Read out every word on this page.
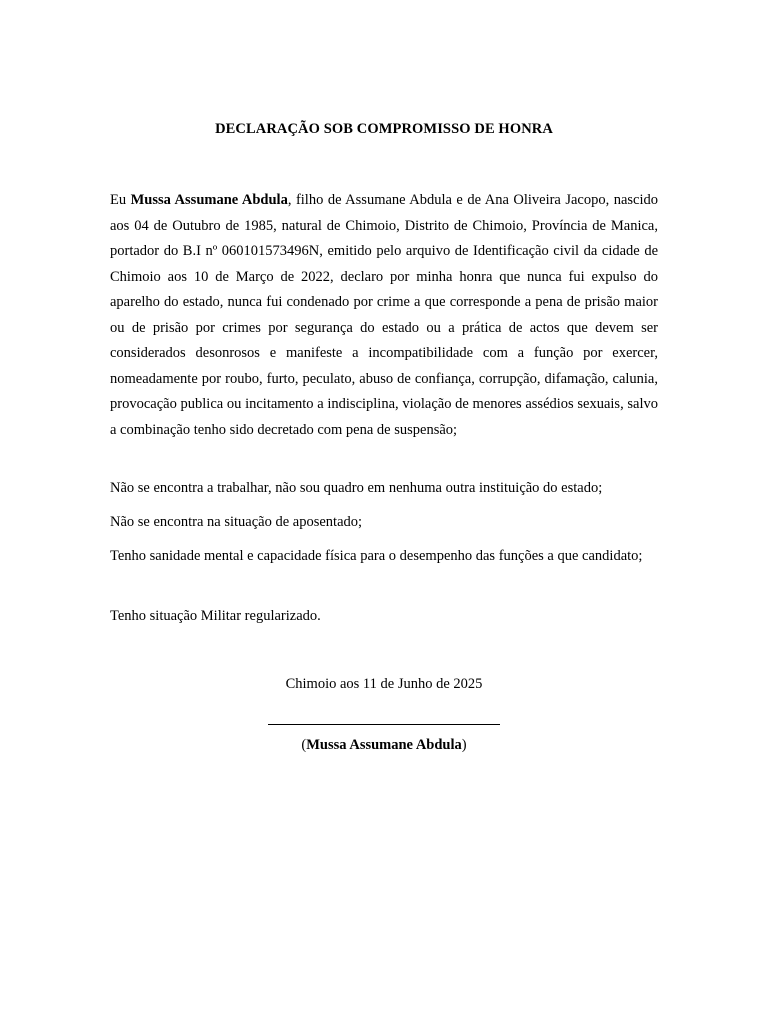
DECLARAÇÃO SOB COMPROMISSO DE HONRA
Eu Mussa Assumane Abdula, filho de Assumane Abdula e de Ana Oliveira Jacopo, nascido aos 04 de Outubro de 1985, natural de Chimoio, Distrito de Chimoio, Província de Manica, portador do B.I nº 060101573496N, emitido pelo arquivo de Identificação civil da cidade de Chimoio aos 10 de Março de 2022, declaro por minha honra que nunca fui expulso do aparelho do estado, nunca fui condenado por crime a que corresponde a pena de prisão maior ou de prisão por crimes por segurança do estado ou a prática de actos que devem ser considerados desonrosos e manifeste a incompatibilidade com a função por exercer, nomeadamente por roubo, furto, peculato, abuso de confiança, corrupção, difamação, calunia, provocação publica ou incitamento a indisciplina, violação de menores assédios sexuais, salvo a combinação tenho sido decretado com pena de suspensão;
Não se encontra a trabalhar, não sou quadro em nenhuma outra instituição do estado;
Não se encontra na situação de aposentado;
Tenho sanidade mental e capacidade física para o desempenho das funções a que candidato;
Tenho situação Militar regularizado.
Chimoio aos 11 de Junho de 2025
(Mussa Assumane Abdula)
